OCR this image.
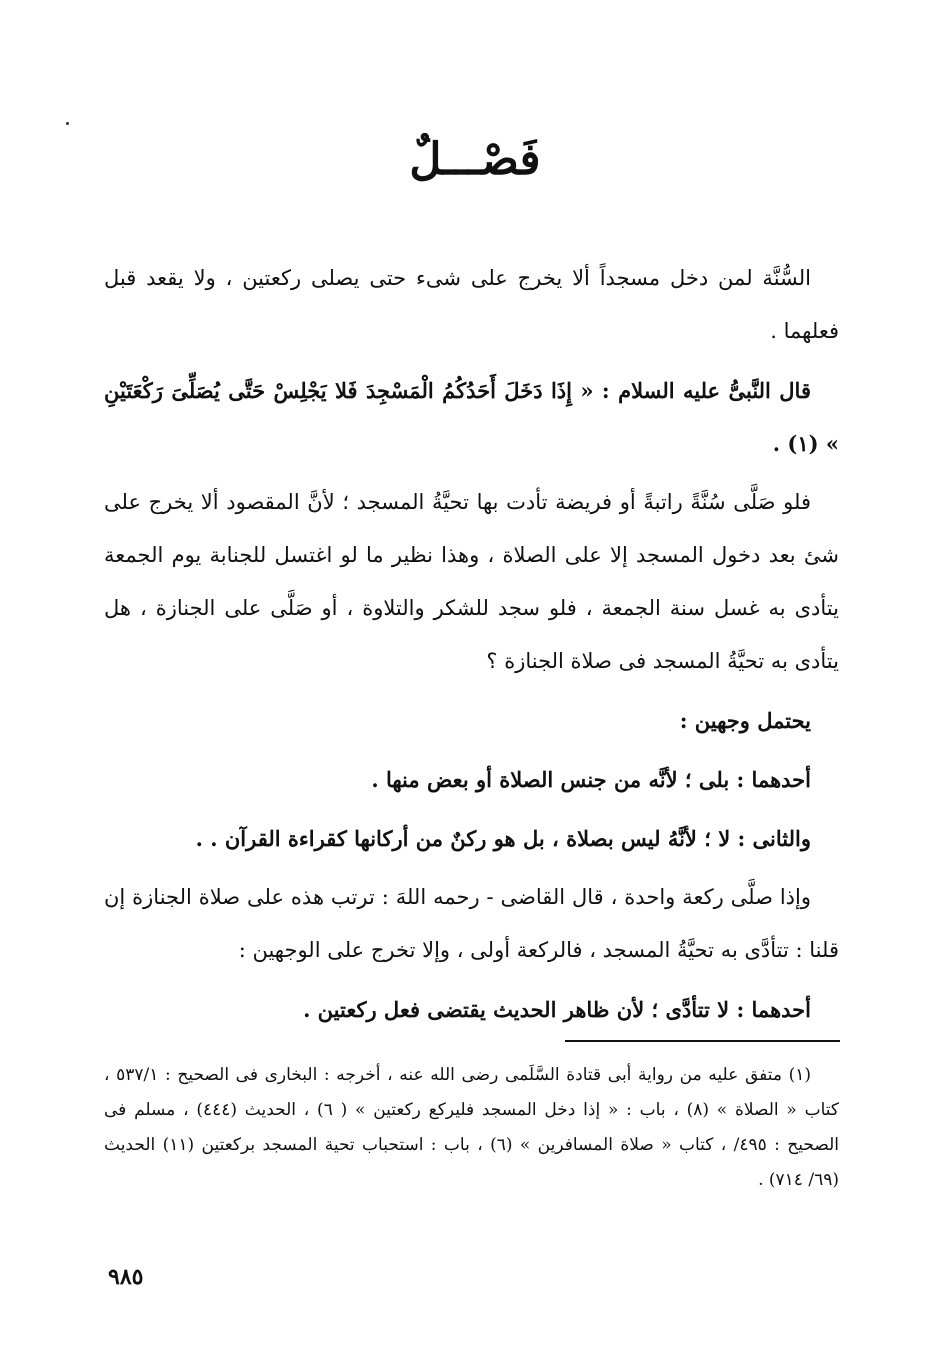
فَصْـــلٌ

السُّنَّة لمن دخل مسجداً ألا يخرج على شىء حتى يصلى ركعتين ، ولا يقعد قبل فعلهما .

قال النَّبىُّ عليه السلام : « إِذَا دَخَلَ أَحَدُكُمُ الْمَسْجِدَ فَلا يَجْلِسْ حَتَّى يُصَلِّىَ رَكْعَتَيْنِ » (١) .

فلو صَلَّى سُنَّةً راتبةً أو فريضة تأدت بها تحيَّةُ المسجد ؛ لأنَّ المقصود ألا يخرج على شئ بعد دخول المسجد إلا على الصلاة ، وهذا نظير ما لو اغتسل للجنابة يوم الجمعة يتأدى به غسل سنة الجمعة ، فلو سجد للشكر والتلاوة ، أو صَلَّى على الجنازة ، هل يتأدى به تحيَّةُ المسجد فى صلاة الجنازة ؟

يحتمل وجهين :

أحدهما : بلى ؛ لأنَّه من جنس الصلاة أو بعض منها .

والثانى : لا ؛ لأنَّهُ ليس بصلاة ، بل هو ركنٌ من أركانها كقراءة القرآن . .

وإذا صلَّى ركعة واحدة ، قال القاضى - رحمه اللهَ : ترتب هذه على صلاة الجنازة إن قلنا : تتأدَّى به تحيَّةُ المسجد ، فالركعة أولى ، وإلا تخرج على الوجهين :

أحدهما : لا تتأدَّى ؛ لأن ظاهر الحديث يقتضى فعل ركعتين .

(١) متفق عليه من رواية أبى قتادة السَّلَمى رضى الله عنه ، أخرجه : البخارى فى الصحيح : ٥٣٧/١ ، كتاب « الصلاة » (٨) ، باب : « إذا دخل المسجد فليركع ركعتين » ( ٦) ، الحديث (٤٤٤) ، مسلم فى الصحيح : ٤٩٥/ ، كتاب « صلاة المسافرين » (٦) ، باب : استحباب تحية المسجد بركعتين (١١) الحديث (٦٩/ ٧١٤) .

٩٨٥
